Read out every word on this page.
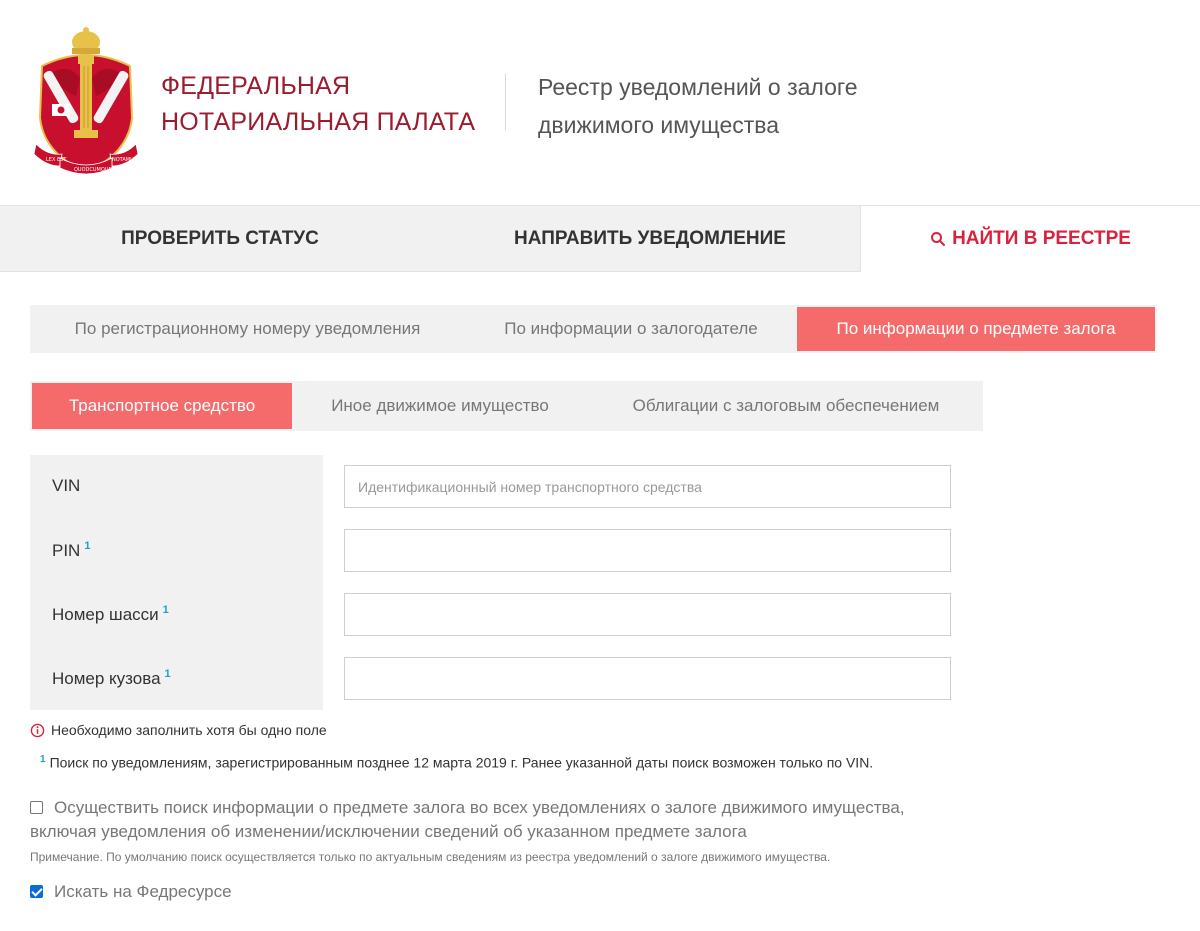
LEX EST
QUODCUMQUE
NOTAMUS
ФЕДЕРАЛЬНАЯ
НОТАРИАЛЬНАЯ ПАЛАТА
Реестр уведомлений о залоге
движимого имущества
ПРОВЕРИТЬ СТАТУС	НАПРАВИТЬ УВЕДОМЛЕНИЕ	НАЙТИ В РЕЕСТРЕ
По регистрационному номеру уведомления	По информации о залогодателе	По информации о предмете залога
Транспортное средство	Иное движимое имущество	Облигации с залоговым обеспечением
VIN
Идентификационный номер транспортного средства
PIN $^1$
Номер шасси $^1$
Номер кузова $^1$
Необходимо заполнить хотя бы одно поле
$^1$ Поиск по уведомлениям, зарегистрированным позднее 12 марта 2019 г. Ранее указанной даты поиск возможен только по VIN.
Осуществить поиск информации о предмете залога во всех уведомлениях о залоге движимого имущества,
включая уведомления об изменении/исключении сведений об указанном предмете залога
Примечание. По умолчанию поиск осуществляется только по актуальным сведениям из реестра уведомлений о залоге движимого имущества.
Искать на Федресурсе
